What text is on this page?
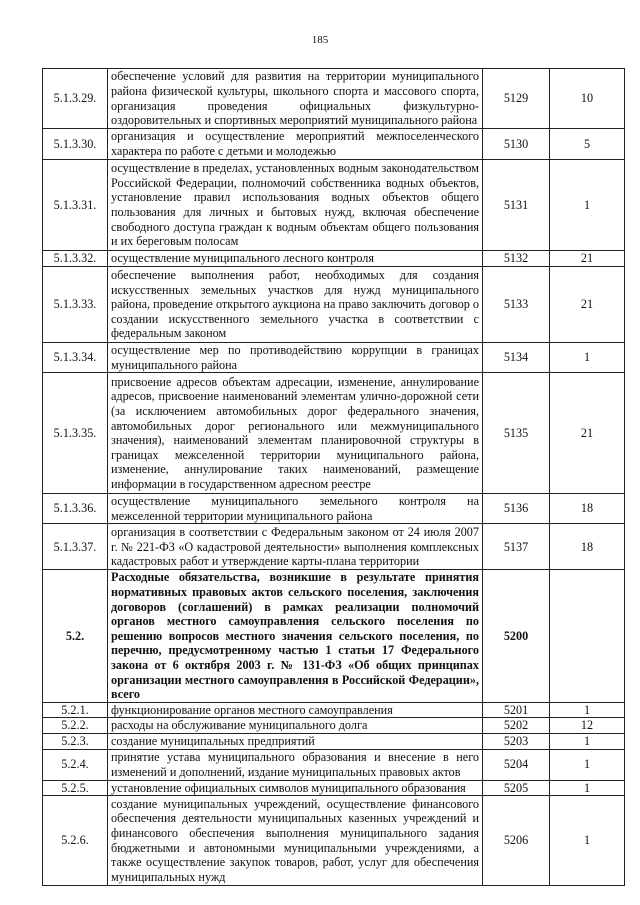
185
5.1.3.29.	обеспечение условий для развития на территории муниципального района физической культуры, школьного спорта и массового спорта, организация проведения официальных физкультурно-оздоровительных и спортивных мероприятий муниципального района	5129	10
5.1.3.30.	организация и осуществление мероприятий межпоселенческого характера по работе с детьми и молодежью	5130	5
5.1.3.31.	осуществление в пределах, установленных водным законодательством Российской Федерации, полномочий собственника водных объектов, установление правил использования водных объектов общего пользования для личных и бытовых нужд, включая обеспечение свободного доступа граждан к водным объектам общего пользования и их береговым полосам	5131	1
5.1.3.32.	осуществление муниципального лесного контроля	5132	21
5.1.3.33.	обеспечение выполнения работ, необходимых для создания искусственных земельных участков для нужд муниципального района, проведение открытого аукциона на право заключить договор о создании искусственного земельного участка в соответствии с федеральным законом	5133	21
5.1.3.34.	осуществление мер по противодействию коррупции в границах муниципального района	5134	1
5.1.3.35.	присвоение адресов объектам адресации, изменение, аннулирование адресов, присвоение наименований элементам улично-дорожной сети (за исключением автомобильных дорог федерального значения, автомобильных дорог регионального или межмуниципального значения), наименований элементам планировочной структуры в границах межселенной территории муниципального района, изменение, аннулирование таких наименований, размещение информации в государственном адресном реестре	5135	21
5.1.3.36.	осуществление муниципального земельного контроля на межселенной территории муниципального района	5136	18
5.1.3.37.	организация в соответствии с Федеральным законом от 24 июля 2007 г. № 221-ФЗ «О кадастровой деятельности» выполнения комплексных кадастровых работ и утверждение карты-плана территории	5137	18
5.2.	Расходные обязательства, возникшие в результате принятия нормативных правовых актов сельского поселения, заключения договоров (соглашений) в рамках реализации полномочий органов местного самоуправления сельского поселения по решению вопросов местного значения сельского поселения, по перечню, предусмотренному частью 1 статьи 17 Федерального закона от 6 октября 2003 г. № 131-ФЗ «Об общих принципах организации местного самоуправления в Российской Федерации», всего	5200	
5.2.1.	функционирование органов местного самоуправления	5201	1
5.2.2.	расходы на обслуживание муниципального долга	5202	12
5.2.3.	создание муниципальных предприятий	5203	1
5.2.4.	принятие устава муниципального образования и внесение в него изменений и дополнений, издание муниципальных правовых актов	5204	1
5.2.5.	установление официальных символов муниципального образования	5205	1
5.2.6.	создание муниципальных учреждений, осуществление финансового обеспечения деятельности муниципальных казенных учреждений и финансового обеспечения выполнения муниципального задания бюджетными и автономными муниципальными учреждениями, а также осуществление закупок товаров, работ, услуг для обеспечения муниципальных нужд	5206	1
